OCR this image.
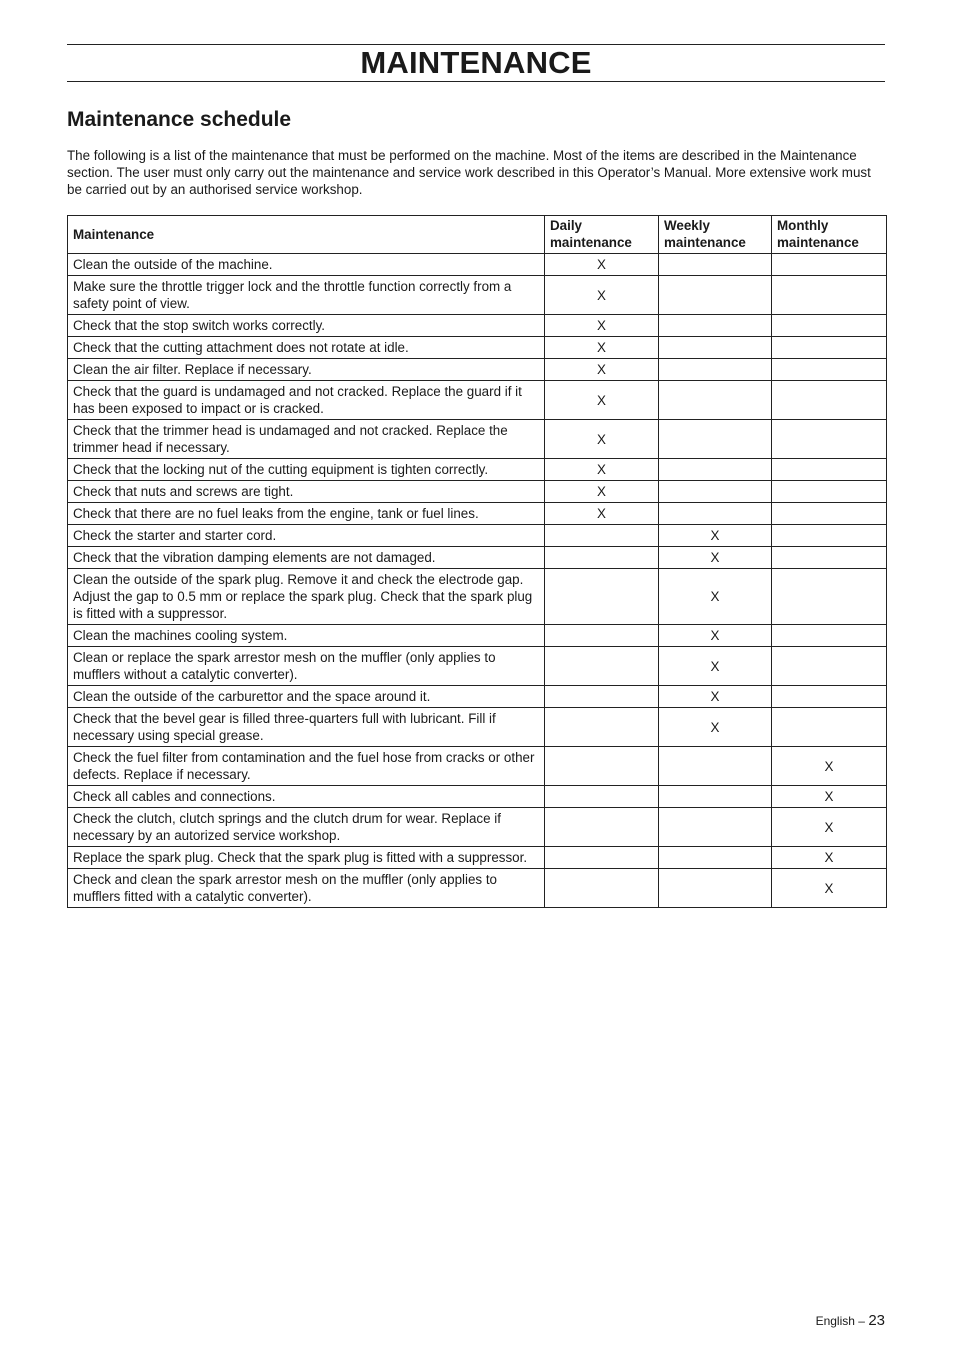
MAINTENANCE
Maintenance schedule
The following is a list of the maintenance that must be performed on the machine. Most of the items are described in the Maintenance section. The user must only carry out the maintenance and service work described in this Operator’s Manual. More extensive work must be carried out by an authorised service workshop.
Maintenance	Daily maintenance	Weekly maintenance	Monthly maintenance
Clean the outside of the machine.	X		
Make sure the throttle trigger lock and the throttle function correctly from a safety point of view.	X		
Check that the stop switch works correctly.	X		
Check that the cutting attachment does not rotate at idle.	X		
Clean the air filter. Replace if necessary.	X		
Check that the guard is undamaged and not cracked. Replace the guard if it has been exposed to impact or is cracked.	X		
Check that the trimmer head is undamaged and not cracked. Replace the trimmer head if necessary.	X		
Check that the locking nut of the cutting equipment is tighten correctly.	X		
Check that nuts and screws are tight.	X		
Check that there are no fuel leaks from the engine, tank or fuel lines.	X		
Check the starter and starter cord.		X	
Check that the vibration damping elements are not damaged.		X	
Clean the outside of the spark plug. Remove it and check the electrode gap. Adjust the gap to 0.5 mm or replace the spark plug. Check that the spark plug is fitted with a suppressor.		X	
Clean the machines cooling system.		X	
Clean or replace the spark arrestor mesh on the muffler (only applies to mufflers without a catalytic converter).		X	
Clean the outside of the carburettor and the space around it.		X	
Check that the bevel gear is filled three-quarters full with lubricant. Fill if necessary using special grease.		X	
Check the fuel filter from contamination and the fuel hose from cracks or other defects. Replace if necessary.			X
Check all cables and connections.			X
Check the clutch, clutch springs and the clutch drum for wear. Replace if necessary by an autorized service workshop.			X
Replace the spark plug. Check that the spark plug is fitted with a suppressor.			X
Check and clean the spark arrestor mesh on the muffler (only applies to mufflers fitted with a catalytic converter).			X
English – 23
